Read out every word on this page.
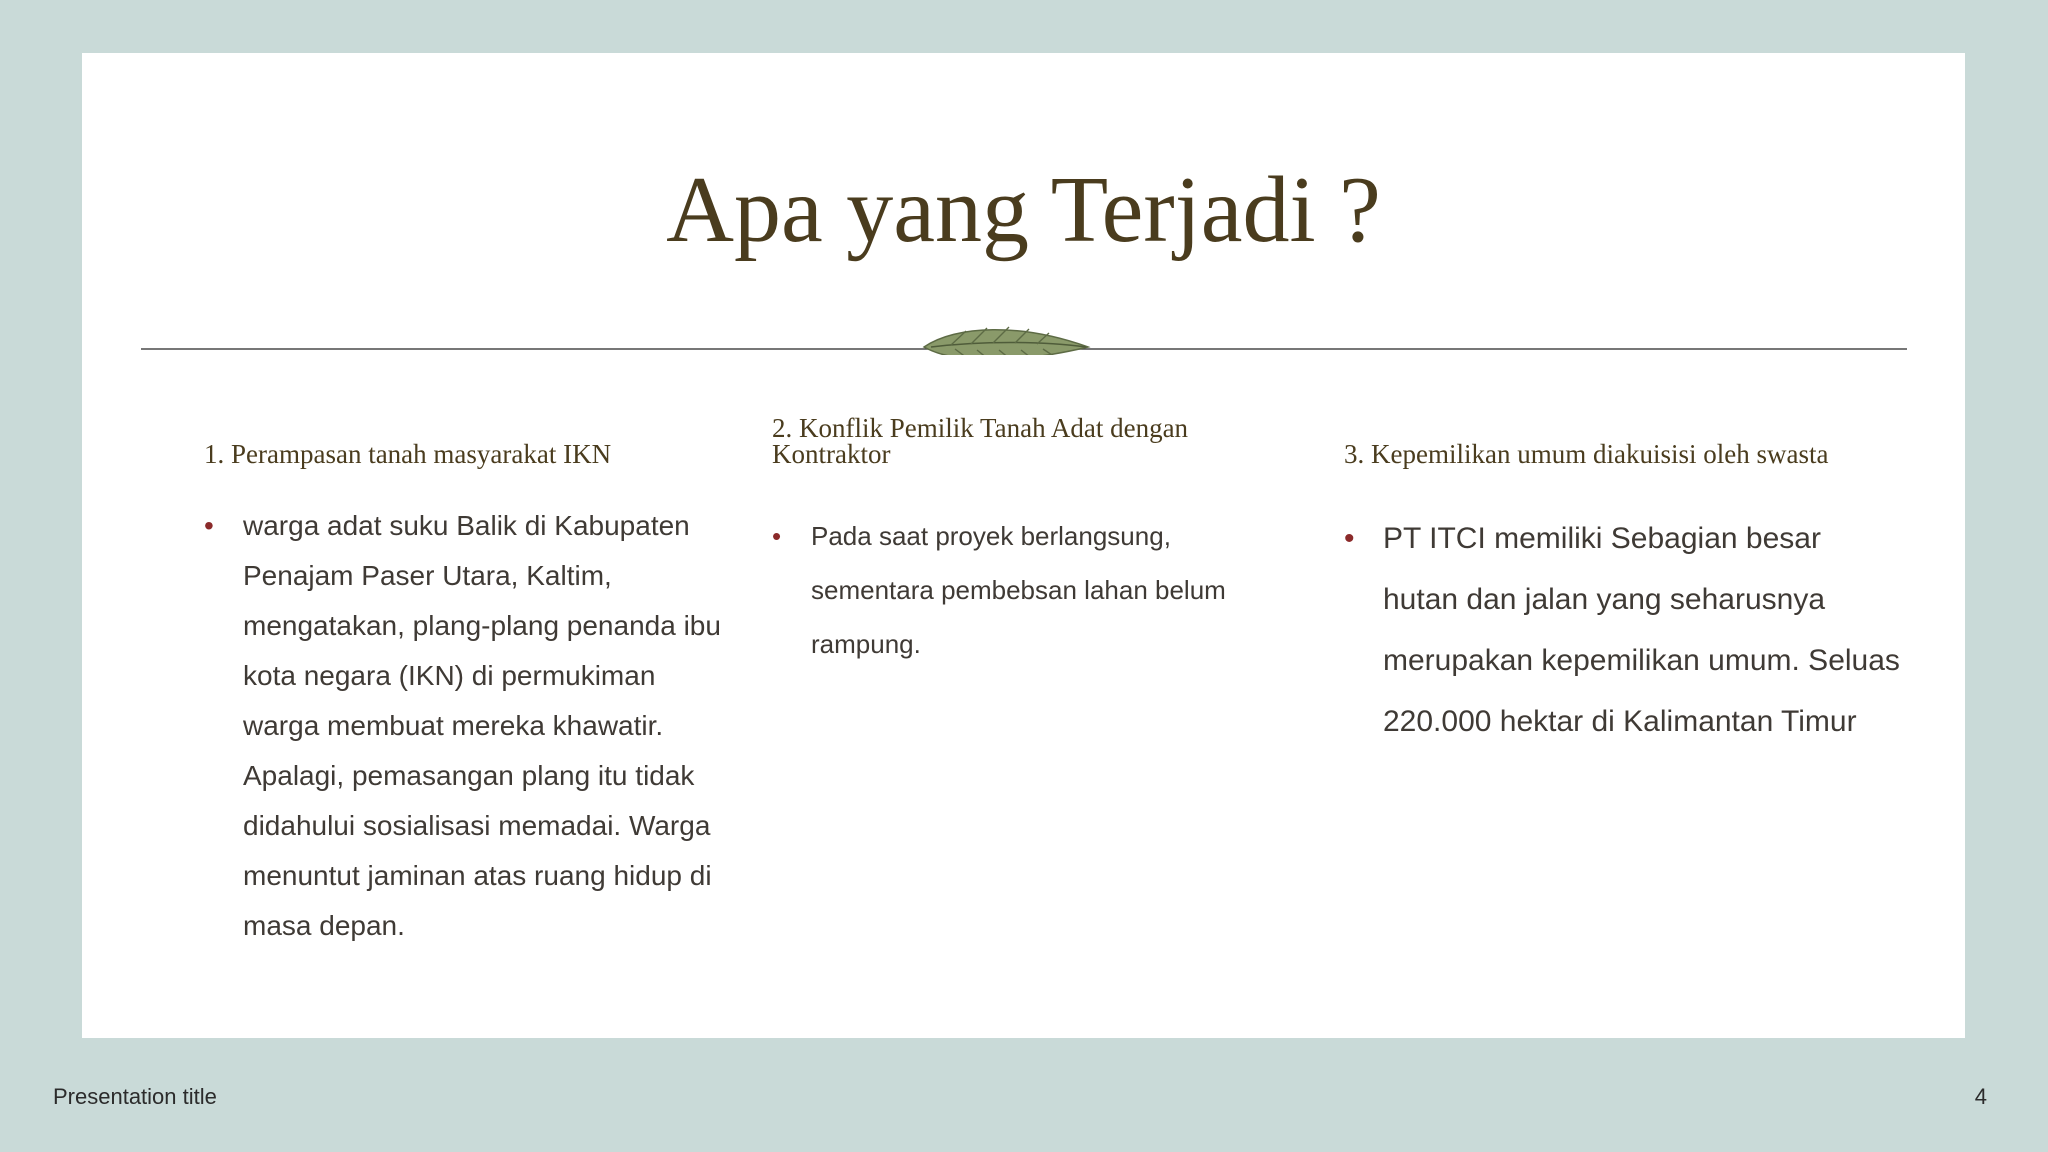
Apa yang Terjadi ?
1. Perampasan tanah masyarakat IKN
• warga adat suku Balik di Kabupaten Penajam Paser Utara, Kaltim, mengatakan, plang-plang penanda ibu kota negara (IKN) di permukiman warga membuat mereka khawatir. Apalagi, pemasangan plang itu tidak didahului sosialisasi memadai. Warga menuntut jaminan atas ruang hidup di masa depan.
2. Konflik Pemilik Tanah Adat dengan Kontraktor
• Pada saat proyek berlangsung, sementara pembebsan lahan belum rampung.
3. Kepemilikan umum diakuisisi oleh swasta
• PT ITCI memiliki Sebagian besar hutan dan jalan yang seharusnya merupakan kepemilikan umum. Seluas 220.000 hektar di Kalimantan Timur
Presentation title	4
